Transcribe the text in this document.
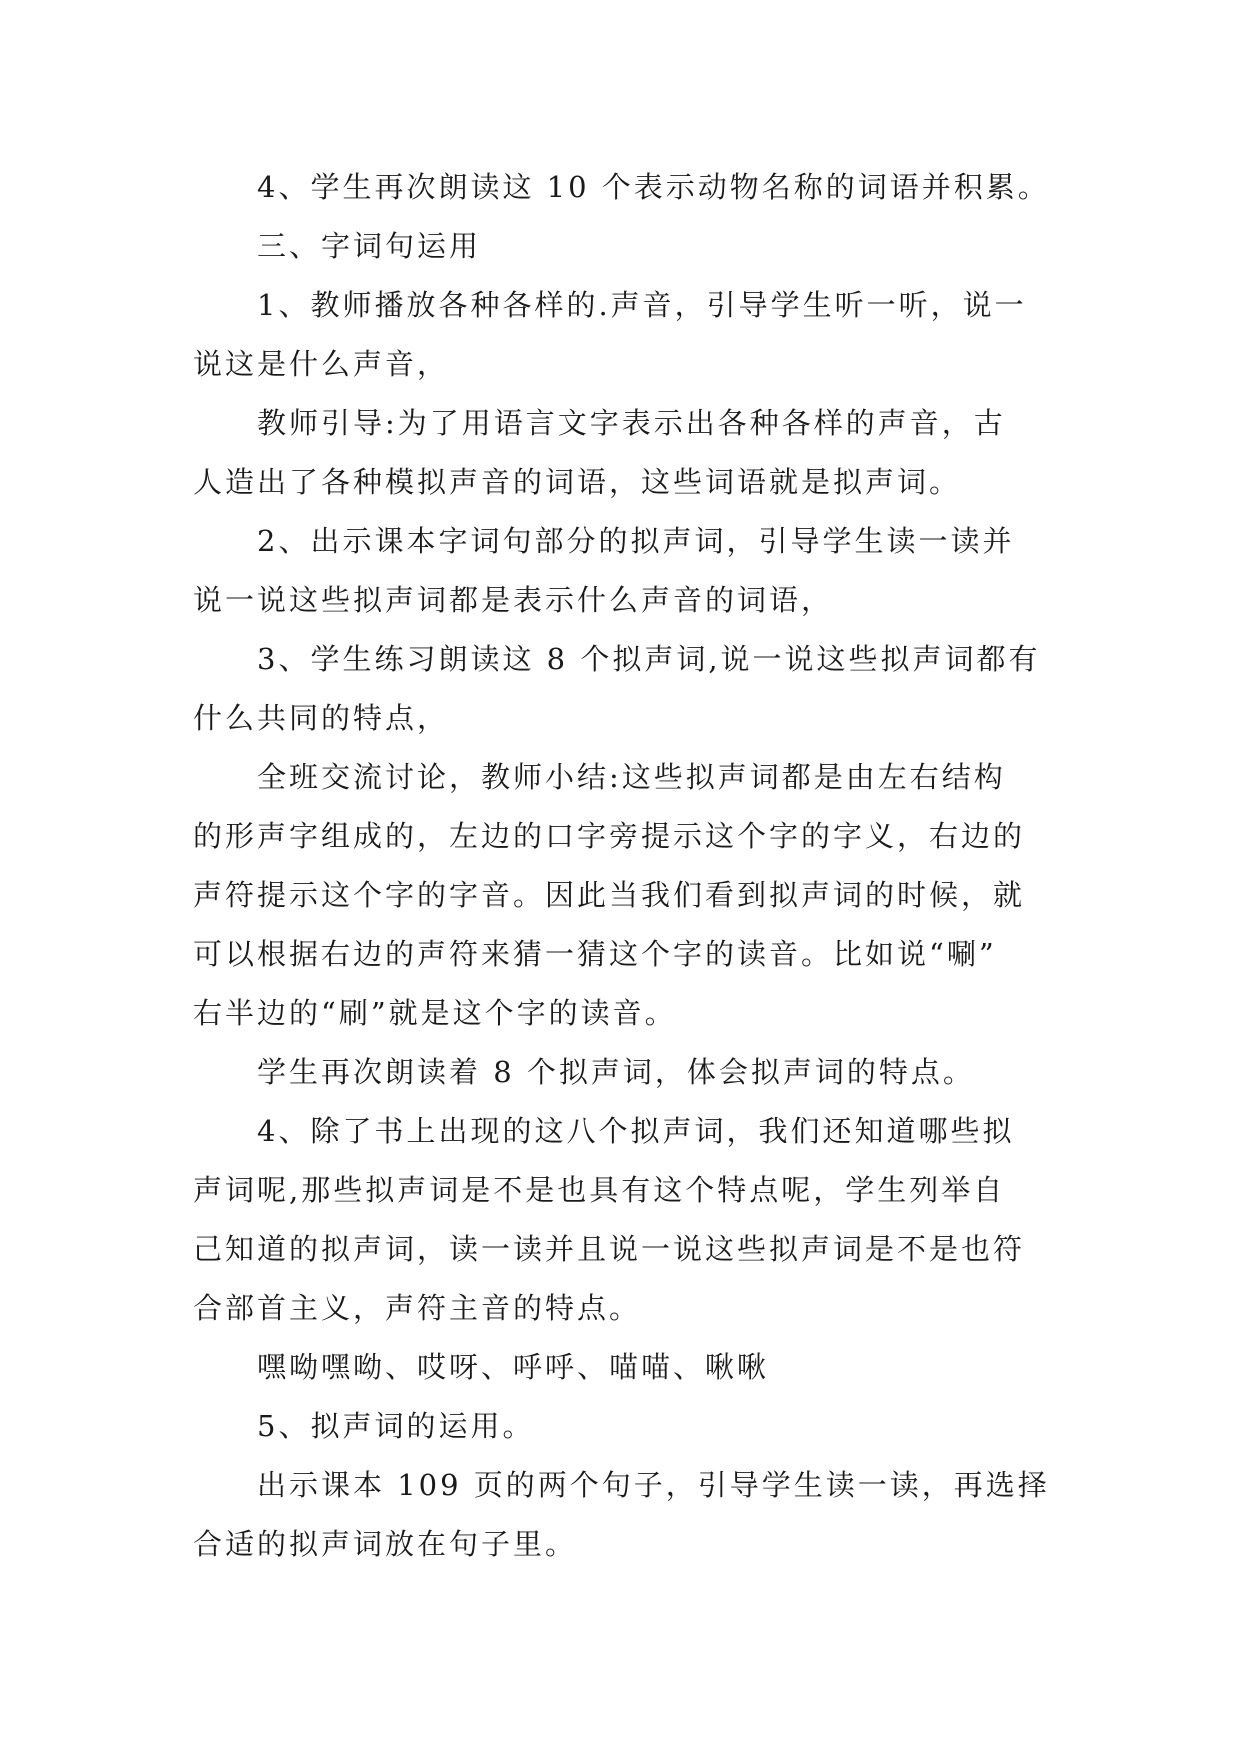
4、学生再次朗读这 10 个表示动物名称的词语并积累。

三、字词句运用

1、教师播放各种各样的.声音，引导学生听一听，说一
说这是什么声音，

教师引导:为了用语言文字表示出各种各样的声音，古
人造出了各种模拟声音的词语，这些词语就是拟声词。

2、出示课本字词句部分的拟声词，引导学生读一读并
说一说这些拟声词都是表示什么声音的词语，

3、学生练习朗读这 8 个拟声词,说一说这些拟声词都有
什么共同的特点，

全班交流讨论，教师小结:这些拟声词都是由左右结构
的形声字组成的，左边的口字旁提示这个字的字义，右边的
声符提示这个字的字音。因此当我们看到拟声词的时候，就
可以根据右边的声符来猜一猜这个字的读音。比如说“唰”
右半边的“刷”就是这个字的读音。

学生再次朗读着 8 个拟声词，体会拟声词的特点。

4、除了书上出现的这八个拟声词，我们还知道哪些拟
声词呢,那些拟声词是不是也具有这个特点呢，学生列举自
己知道的拟声词，读一读并且说一说这些拟声词是不是也符
合部首主义，声符主音的特点。

嘿呦嘿呦、哎呀、呼呼、喵喵、啾啾

5、拟声词的运用。

出示课本 109 页的两个句子，引导学生读一读，再选择
合适的拟声词放在句子里。
